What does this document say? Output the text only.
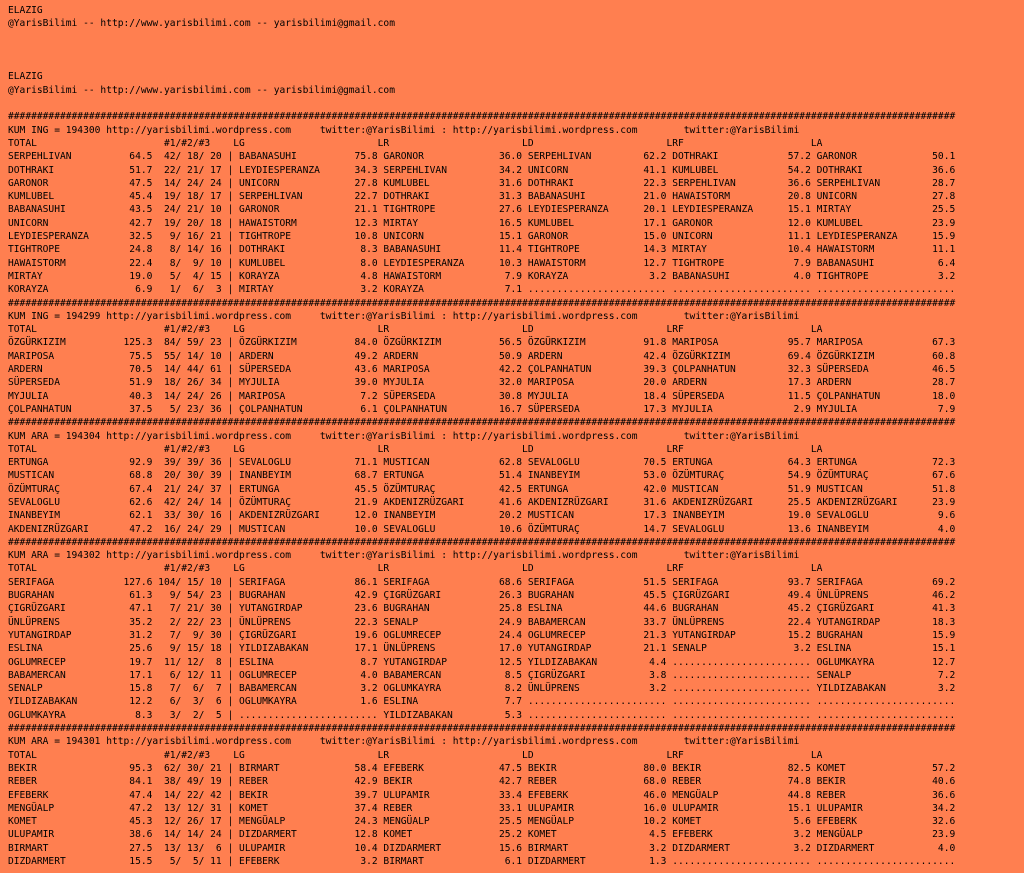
ELAZIG
@YarisBilimi -- http://www.yarisbilimi.com -- yarisbilimi@gmail.com
ELAZIG
@YarisBilimi -- http://www.yarisbilimi.com -- yarisbilimi@gmail.com
####################################################################################################################################################################
KUM ING = 194300 http://yarisbilimi.wordpress.com     twitter:@YarisBilimi : http://yarisbilimi.wordpress.com        twitter:@YarisBilimi
TOTAL                      #1/#2/#3    LG                       LR                       LD                       LRF                      LA
SERPEHLIVAN          64.5  42/ 18/ 20 | BABANASUHI          75.8 GARONOR             36.0 SERPEHLIVAN         62.2 DOTHRAKI            57.2 GARONOR             50.1
DOTHRAKI             51.7  22/ 21/ 17 | LEYDIESPERANZA      34.3 SERPEHLIVAN         34.2 UNICORN             41.1 KUMLUBEL            54.2 DOTHRAKI            36.6
GARONOR              47.5  14/ 24/ 24 | UNICORN             27.8 KUMLUBEL            31.6 DOTHRAKI            22.3 SERPEHLIVAN         36.6 SERPEHLIVAN         28.7
KUMLUBEL             45.4  19/ 18/ 17 | SERPEHLIVAN         22.7 DOTHRAKI            31.3 BABANASUHI          21.0 HAWAISTORM          20.8 UNICORN             27.8
BABANASUHI           43.5  24/ 21/ 10 | GARONOR             21.1 TIGHTROPE           27.6 LEYDIESPERANZA      20.1 LEYDIESPERANZA      15.1 MIRTAY              25.5
UNICORN              42.7  19/ 20/ 18 | HAWAISTORM          12.3 MIRTAY              16.5 KUMLUBEL            17.1 GARONOR             12.0 KUMLUBEL            23.9
LEYDIESPERANZA       32.5   9/ 16/ 21 | TIGHTROPE           10.8 UNICORN             15.1 GARONOR             15.0 UNICORN             11.1 LEYDIESPERANZA      15.9
TIGHTROPE            24.8   8/ 14/ 16 | DOTHRAKI             8.3 BABANASUHI          11.4 TIGHTROPE           14.3 MIRTAY              10.4 HAWAISTORM          11.1
HAWAISTORM           22.4   8/  9/ 10 | KUMLUBEL             8.0 LEYDIESPERANZA      10.3 HAWAISTORM          12.7 TIGHTROPE            7.9 BABANASUHI           6.4
MIRTAY               19.0   5/  4/ 15 | KORAYZA              4.8 HAWAISTORM           7.9 KORAYZA              3.2 BABANASUHI           4.0 TIGHTROPE            3.2
KORAYZA               6.9   1/  6/  3 | MIRTAY               3.2 KORAYZA              7.1 ........................ ........................ ........................
####################################################################################################################################################################
KUM ING = 194299 http://yarisbilimi.wordpress.com     twitter:@YarisBilimi : http://yarisbilimi.wordpress.com        twitter:@YarisBilimi
TOTAL                      #1/#2/#3    LG                       LR                       LD                       LRF                      LA
ÖZGÜRKIZIM          125.3  84/ 59/ 23 | ÖZGÜRKIZIM          84.0 ÖZGÜRKIZIM          56.5 ÖZGÜRKIZIM          91.8 MARIPOSA            95.7 MARIPOSA            67.3
MARIPOSA             75.5  55/ 14/ 10 | ARDERN              49.2 ARDERN              50.9 ARDERN              42.4 ÖZGÜRKIZIM          69.4 ÖZGÜRKIZIM          60.8
ARDERN               70.5  14/ 44/ 61 | SÜPERSEDA           43.6 MARIPOSA            42.2 ÇOLPANHATUN         39.3 ÇOLPANHATUN         32.3 SÜPERSEDA           46.5
SÜPERSEDA            51.9  18/ 26/ 34 | MYJULIA             39.0 MYJULIA             32.0 MARIPOSA            20.0 ARDERN              17.3 ARDERN              28.7
MYJULIA              40.3  14/ 24/ 26 | MARIPOSA             7.2 SÜPERSEDA           30.8 MYJULIA             18.4 SÜPERSEDA           11.5 ÇOLPANHATUN         18.0
ÇOLPANHATUN          37.5   5/ 23/ 36 | ÇOLPANHATUN          6.1 ÇOLPANHATUN         16.7 SÜPERSEDA           17.3 MYJULIA              2.9 MYJULIA              7.9
####################################################################################################################################################################
KUM ARA = 194304 http://yarisbilimi.wordpress.com     twitter:@YarisBilimi : http://yarisbilimi.wordpress.com        twitter:@YarisBilimi
TOTAL                      #1/#2/#3    LG                       LR                       LD                       LRF                      LA
ERTUNGA              92.9  39/ 39/ 36 | SEVALOGLU           71.1 MUSTICAN            62.8 SEVALOGLU           70.5 ERTUNGA             64.3 ERTUNGA             72.3
MUSTICAN             68.8  20/ 30/ 39 | INANBEYIM           68.7 ERTUNGA             51.4 INANBEYIM           53.0 ÖZÜMTURAÇ           54.9 ÖZÜMTURAÇ           67.6
ÖZÜMTURAÇ            67.4  21/ 24/ 37 | ERTUNGA             45.5 ÖZÜMTURAÇ           42.5 ERTUNGA             42.0 MUSTICAN            51.9 MUSTICAN            51.8
SEVALOGLU            62.6  42/ 24/ 14 | ÖZÜMTURAÇ           21.9 AKDENIZRÜZGARI      41.6 AKDENIZRÜZGARI      31.6 AKDENIZRÜZGARI      25.5 AKDENIZRÜZGARI      23.9
INANBEYIM            62.1  33/ 30/ 16 | AKDENIZRÜZGARI      12.0 INANBEYIM           20.2 MUSTICAN            17.3 INANBEYIM           19.0 SEVALOGLU            9.6
AKDENIZRÜZGARI       47.2  16/ 24/ 29 | MUSTICAN            10.0 SEVALOGLU           10.6 ÖZÜMTURAÇ           14.7 SEVALOGLU           13.6 INANBEYIM            4.0
####################################################################################################################################################################
KUM ARA = 194302 http://yarisbilimi.wordpress.com     twitter:@YarisBilimi : http://yarisbilimi.wordpress.com        twitter:@YarisBilimi
TOTAL                      #1/#2/#3    LG                       LR                       LD                       LRF                      LA
SERIFAGA            127.6 104/ 15/ 10 | SERIFAGA            86.1 SERIFAGA            68.6 SERIFAGA            51.5 SERIFAGA            93.7 SERIFAGA            69.2
BUGRAHAN             61.3   9/ 54/ 23 | BUGRAHAN            42.9 ÇIGRÜZGARI          26.3 BUGRAHAN            45.5 ÇIGRÜZGARI          49.4 ÜNLÜPRENS           46.2
ÇIGRÜZGARI           47.1   7/ 21/ 30 | YUTANGIRDAP         23.6 BUGRAHAN            25.8 ESLINA              44.6 BUGRAHAN            45.2 ÇIGRÜZGARI          41.3
ÜNLÜPRENS            35.2   2/ 22/ 23 | ÜNLÜPRENS           22.3 SENALP              24.9 BABAMERCAN          33.7 ÜNLÜPRENS           22.4 YUTANGIRDAP         18.3
YUTANGIRDAP          31.2   7/  9/ 30 | ÇIGRÜZGARI          19.6 OGLUMRECEP          24.4 OGLUMRECEP          21.3 YUTANGIRDAP         15.2 BUGRAHAN            15.9
ESLINA               25.6   9/ 15/ 18 | YILDIZABAKAN        17.1 ÜNLÜPRENS           17.0 YUTANGIRDAP         21.1 SENALP               3.2 ESLINA              15.1
OGLUMRECEP           19.7  11/ 12/  8 | ESLINA               8.7 YUTANGIRDAP         12.5 YILDIZABAKAN         4.4 ........................ OGLUMKAYRA          12.7
BABAMERCAN           17.1   6/ 12/ 11 | OGLUMRECEP           4.0 BABAMERCAN           8.5 ÇIGRÜZGARI           3.8 ........................ SENALP               7.2
SENALP               15.8   7/  6/  7 | BABAMERCAN           3.2 OGLUMKAYRA           8.2 ÜNLÜPRENS            3.2 ........................ YILDIZABAKAN         3.2
YILDIZABAKAN         12.2   6/  3/  6 | OGLUMKAYRA           1.6 ESLINA               7.7 ........................ ........................ ........................
OGLUMKAYRA            8.3   3/  2/  5 | ........................ YILDIZABAKAN         5.3 ........................ ........................ ........................
####################################################################################################################################################################
KUM ARA = 194301 http://yarisbilimi.wordpress.com     twitter:@YarisBilimi : http://yarisbilimi.wordpress.com        twitter:@YarisBilimi
TOTAL                      #1/#2/#3    LG                       LR                       LD                       LRF                      LA
BEKIR                95.3  62/ 30/ 21 | BIRMART             58.4 EFEBERK             47.5 BEKIR               80.0 BEKIR               82.5 KOMET               57.2
REBER                84.1  38/ 49/ 19 | REBER               42.9 BEKIR               42.7 REBER               68.0 REBER               74.8 BEKIR               40.6
EFEBERK              47.4  14/ 22/ 42 | BEKIR               39.7 ULUPAMIR            33.4 EFEBERK             46.0 MENGÜALP            44.8 REBER               36.6
MENGÜALP             47.2  13/ 12/ 31 | KOMET               37.4 REBER               33.1 ULUPAMIR            16.0 ULUPAMIR            15.1 ULUPAMIR            34.2
KOMET                45.3  12/ 26/ 17 | MENGÜALP            24.3 MENGÜALP            25.5 MENGÜALP            10.2 KOMET                5.6 EFEBERK             32.6
ULUPAMIR             38.6  14/ 14/ 24 | DIZDARMERT          12.8 KOMET               25.2 KOMET                4.5 EFEBERK              3.2 MENGÜALP            23.9
BIRMART              27.5  13/ 13/  6 | ULUPAMIR            10.4 DIZDARMERT          15.6 BIRMART              3.2 DIZDARMERT           3.2 DIZDARMERT           4.0
DIZDARMERT           15.5   5/  5/ 11 | EFEBERK              3.2 BIRMART              6.1 DIZDARMERT           1.3 ........................ ........................
